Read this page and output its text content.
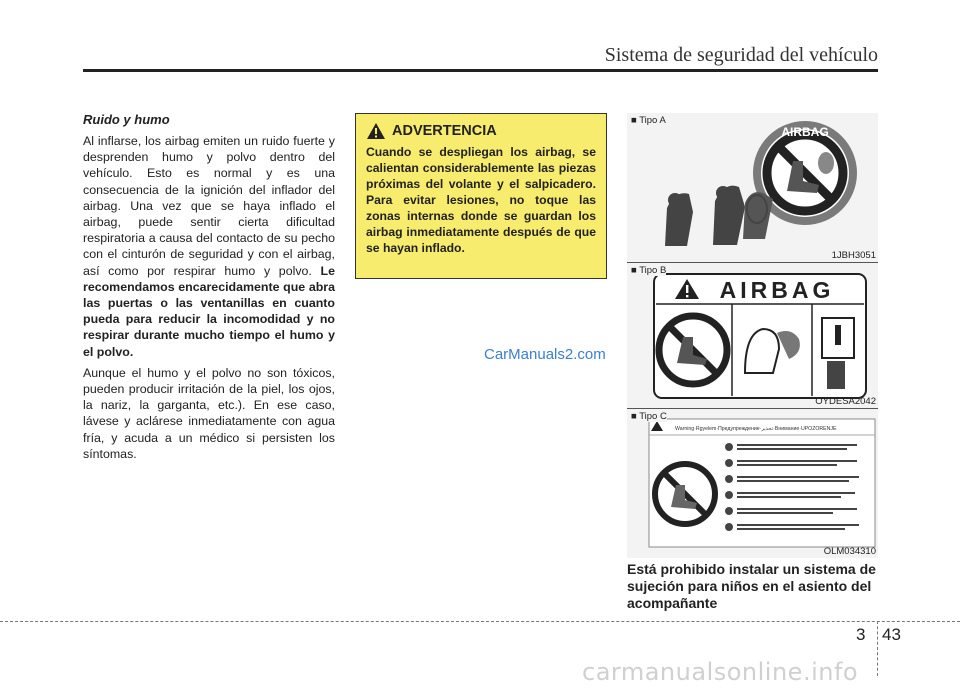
Sistema de seguridad del vehículo

Ruido y humo

Al inflarse, los airbag emiten un ruido fuerte y desprenden humo y polvo dentro del vehículo. Esto es normal y es una consecuencia de la ignición del inflador del airbag. Una vez que se haya inflado el airbag, puede sentir cierta dificultad respiratoria a causa del contacto de su pecho con el cinturón de seguridad y con el airbag, así como por respirar humo y polvo. Le recomendamos encarecidamente que abra las puertas o las ventanillas en cuanto pueda para reducir la incomodidad y no respirar durante mucho tiempo el humo y el polvo.

Aunque el humo y el polvo no son tóxicos, pueden producir irritación de la piel, los ojos, la nariz, la garganta, etc.). En ese caso, lávese y aclárese inmediatamente con agua fría, y acuda a un médico si persisten los síntomas.

ADVERTENCIA
Cuando se despliegan los airbag, se calientan considerablemente las piezas próximas del volante y el salpicadero. Para evitar lesiones, no toque las zonas internas donde se guardan los airbag inmediatamente después de que se hayan inflado.
CarManuals2.com
AIRBAG
■ Tipo A
1JBH3051
AIRBAG
■ Tipo B
OYDESA2042
Warning·Rgyelem·Предупреждение·تحذير·Внимание·UPOZORENJE
■ Tipo C
OLM034310
Está prohibido instalar un sistema de sujeción para niños en el asiento del acompañante
3 43
carmanualsonline.info
